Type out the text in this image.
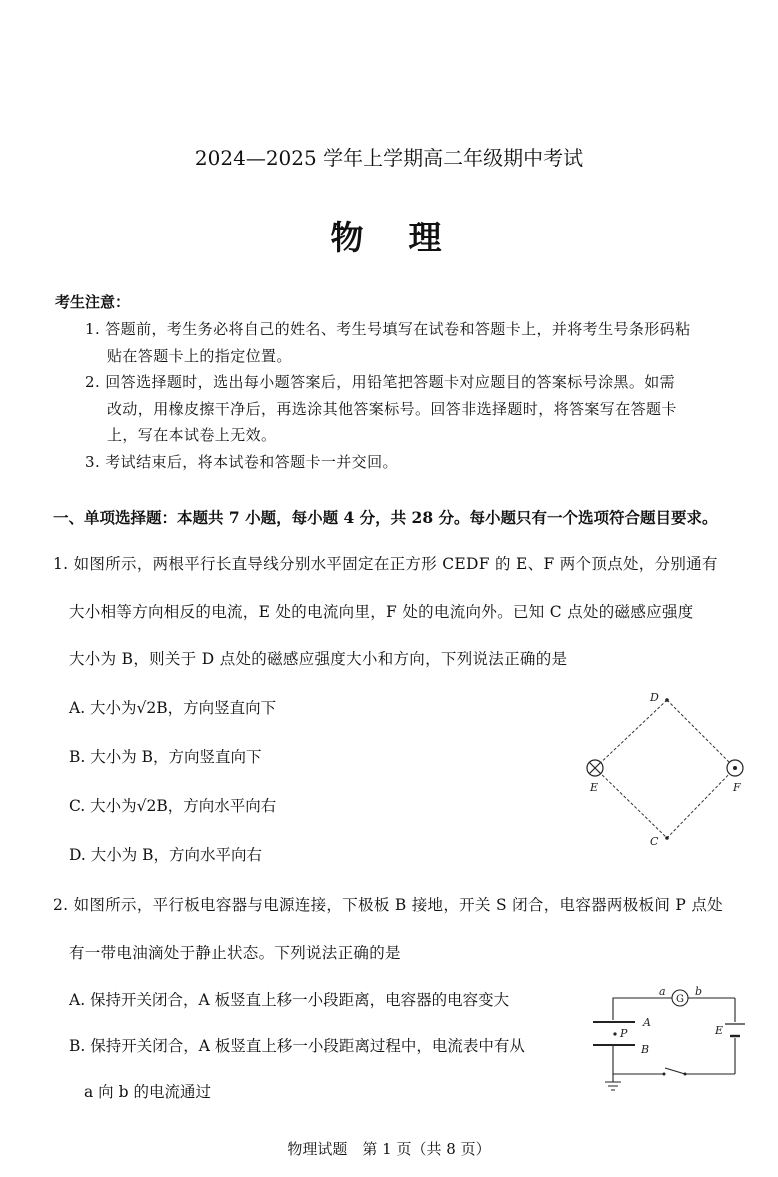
2024—2025 学年上学期高二年级期中考试
物　理
考生注意：
1. 答题前，考生务必将自己的姓名、考生号填写在试卷和答题卡上，并将考生号条形码粘
贴在答题卡上的指定位置。
2. 回答选择题时，选出每小题答案后，用铅笔把答题卡对应题目的答案标号涂黑。如需
改动，用橡皮擦干净后，再选涂其他答案标号。回答非选择题时，将答案写在答题卡
上，写在本试卷上无效。
3. 考试结束后，将本试卷和答题卡一并交回。
一、单项选择题：本题共 7 小题，每小题 4 分，共 28 分。每小题只有一个选项符合题目要求。
1. 如图所示，两根平行长直导线分别水平固定在正方形 CEDF 的 E、F 两个顶点处，分别通有
大小相等方向相反的电流，E 处的电流向里，F 处的电流向外。已知 C 点处的磁感应强度
大小为 B，则关于 D 点处的磁感应强度大小和方向，下列说法正确的是
A. 大小为√2B，方向竖直向下
B. 大小为 B，方向竖直向下
C. 大小为√2B，方向水平向右
D. 大小为 B，方向水平向右
D
E	F
C
2. 如图所示，平行板电容器与电源连接，下极板 B 接地，开关 S 闭合，电容器两极板间 P 点处
有一带电油滴处于静止状态。下列说法正确的是
A. 保持开关闭合，A 板竖直上移一小段距离，电容器的电容变大
B. 保持开关闭合，A 板竖直上移一小段距离过程中，电流表中有从
a 向 b 的电流通过
G
a	b
A
B
P	E
物理试题　第 1 页（共 8 页）
